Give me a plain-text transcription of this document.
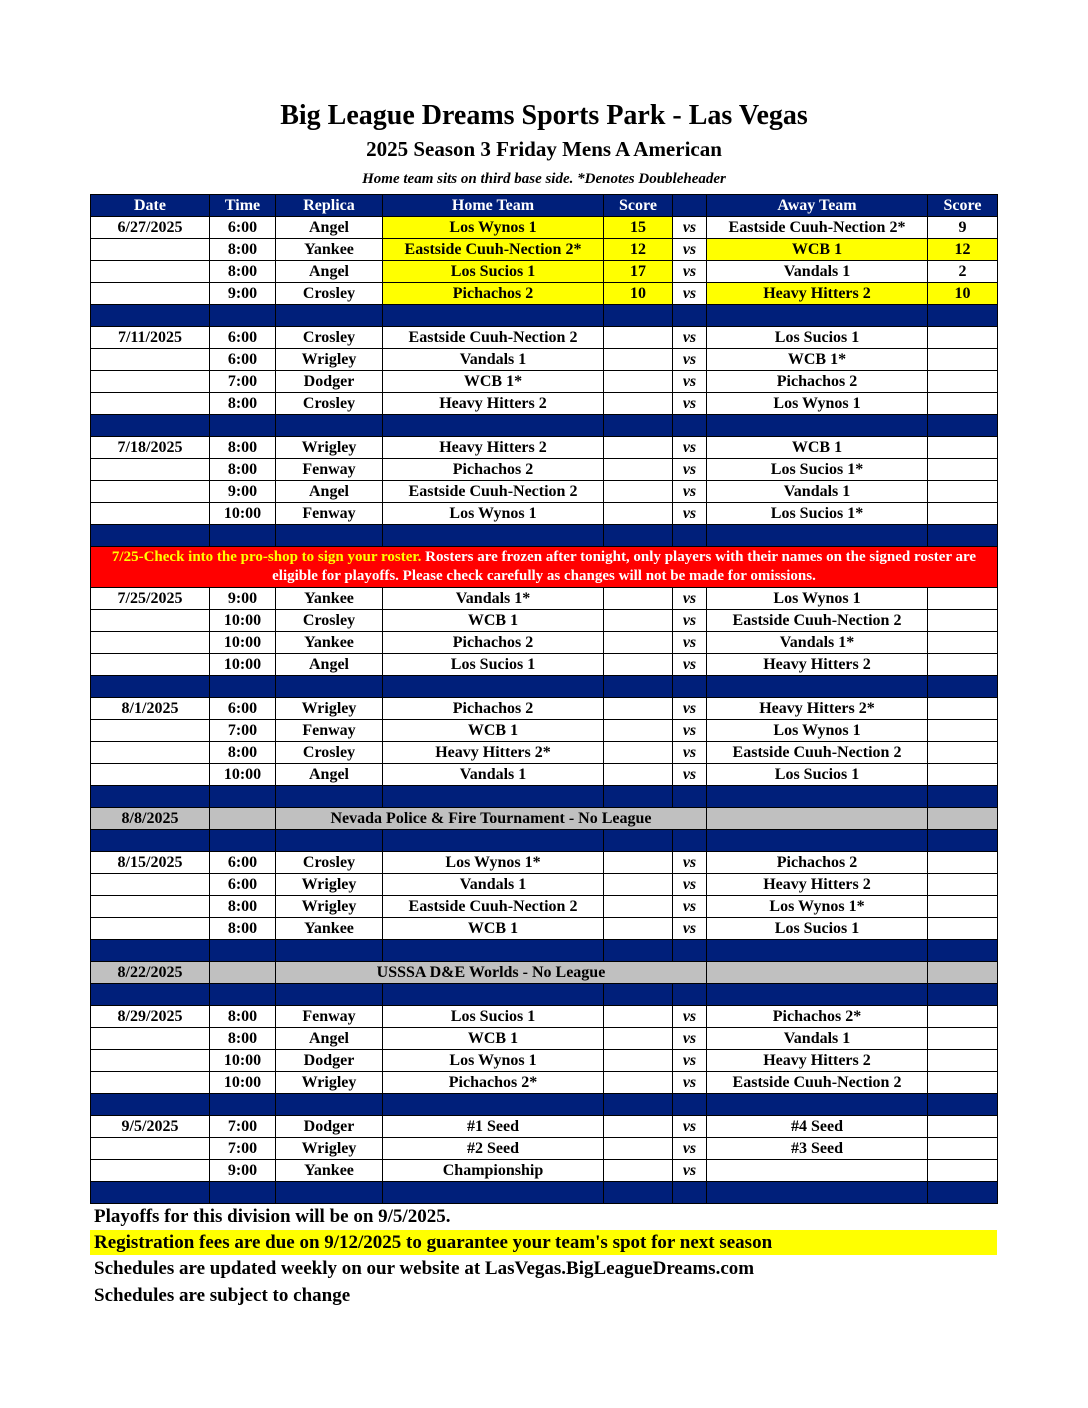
Big League Dreams Sports Park - Las Vegas
2025 Season 3 Friday Mens A American
Home team sits on third base side. *Denotes Doubleheader
Date	Time	Replica	Home Team	Score		Away Team	Score
6/27/2025	6:00	Angel	Los Wynos 1	15	vs	Eastside Cuuh-Nection 2*	9
	8:00	Yankee	Eastside Cuuh-Nection 2*	12	vs	WCB 1	12
	8:00	Angel	Los Sucios 1	17	vs	Vandals 1	2
	9:00	Crosley	Pichachos 2	10	vs	Heavy Hitters 2	10

7/11/2025	6:00	Crosley	Eastside Cuuh-Nection 2		vs	Los Sucios 1	
	6:00	Wrigley	Vandals 1		vs	WCB 1*	
	7:00	Dodger	WCB 1*		vs	Pichachos 2	
	8:00	Crosley	Heavy Hitters 2		vs	Los Wynos 1	

7/18/2025	8:00	Wrigley	Heavy Hitters 2		vs	WCB 1	
	8:00	Fenway	Pichachos 2		vs	Los Sucios 1*	
	9:00	Angel	Eastside Cuuh-Nection 2		vs	Vandals 1	
	10:00	Fenway	Los Wynos 1		vs	Los Sucios 1*	

7/25-Check into the pro-shop to sign your roster. Rosters are frozen after tonight, only players with their names on the signed roster are eligible for playoffs. Please check carefully as changes will not be made for omissions.							
7/25/2025	9:00	Yankee	Vandals 1*		vs	Los Wynos 1	
	10:00	Crosley	WCB 1		vs	Eastside Cuuh-Nection 2	
	10:00	Yankee	Pichachos 2		vs	Vandals 1*	
	10:00	Angel	Los Sucios 1		vs	Heavy Hitters 2	

8/1/2025	6:00	Wrigley	Pichachos 2		vs	Heavy Hitters 2*	
	7:00	Fenway	WCB 1		vs	Los Wynos 1	
	8:00	Crosley	Heavy Hitters 2*		vs	Eastside Cuuh-Nection 2	
	10:00	Angel	Vandals 1		vs	Los Sucios 1	

8/8/2025		Nevada Police & Fire Tournament - No League					

8/15/2025	6:00	Crosley	Los Wynos 1*		vs	Pichachos 2	
	6:00	Wrigley	Vandals 1		vs	Heavy Hitters 2	
	8:00	Wrigley	Eastside Cuuh-Nection 2		vs	Los Wynos 1*	
	8:00	Yankee	WCB 1		vs	Los Sucios 1	

8/22/2025		USSSA D&E Worlds - No League					

8/29/2025	8:00	Fenway	Los Sucios 1		vs	Pichachos 2*	
	8:00	Angel	WCB 1		vs	Vandals 1	
	10:00	Dodger	Los Wynos 1		vs	Heavy Hitters 2	
	10:00	Wrigley	Pichachos 2*		vs	Eastside Cuuh-Nection 2	

9/5/2025	7:00	Dodger	#1 Seed		vs	#4 Seed	
	7:00	Wrigley	#2 Seed		vs	#3 Seed	
	9:00	Yankee	Championship		vs		

Playoffs for this division will be on 9/5/2025.
Registration fees are due on 9/12/2025 to guarantee your team's spot for next season
Schedules are updated weekly on our website at LasVegas.BigLeagueDreams.com
Schedules are subject to change
